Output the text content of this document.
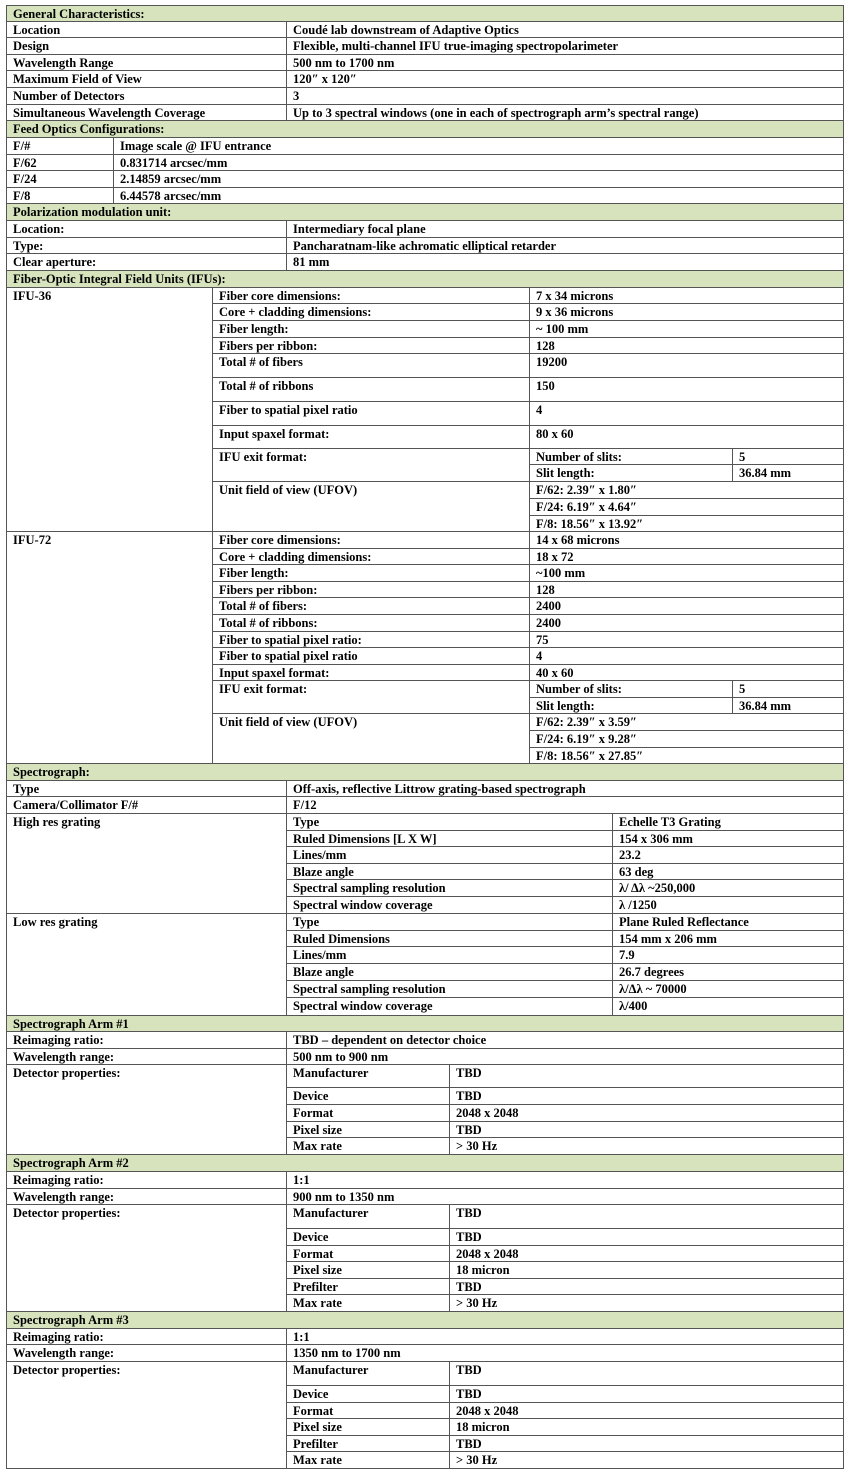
General Characteristics:
Location	Coudé lab downstream of Adaptive Optics
Design	Flexible, multi-channel IFU true-imaging spectropolarimeter
Wavelength Range	500 nm to 1700 nm
Maximum Field of View	120″ x 120″
Number of Detectors	3
Simultaneous Wavelength Coverage	Up to 3 spectral windows (one in each of spectrograph arm’s spectral range)
Feed Optics Configurations:
F/#	Image scale @ IFU entrance
F/62	0.831714 arcsec/mm
F/24	2.14859 arcsec/mm
F/8	6.44578 arcsec/mm
Polarization modulation unit:
Location:	Intermediary focal plane
Type:	Pancharatnam-like achromatic elliptical retarder
Clear aperture:	81 mm
Fiber-Optic Integral Field Units (IFUs):
IFU-36	Fiber core dimensions:	7 x 34 microns
Core + cladding dimensions:	9 x 36 microns
Fiber length:	~ 100 mm
Fibers per ribbon:	128
Total # of fibers	19200
Total # of ribbons	150
Fiber to spatial pixel ratio	4
Input spaxel format:	80 x 60
IFU exit format:	Number of slits:	5
Slit length:	36.84 mm
Unit field of view (UFOV)	F/62: 2.39″ x 1.80″
F/24: 6.19″ x 4.64″
F/8: 18.56″ x 13.92″
IFU-72	Fiber core dimensions:	14 x 68 microns
Core + cladding dimensions:	18 x 72
Fiber length:	~100 mm
Fibers per ribbon:	128
Total # of fibers:	2400
Total # of ribbons:	2400
Fiber to spatial pixel ratio:	75
Fiber to spatial pixel ratio	4
Input spaxel format:	40 x 60
IFU exit format:	Number of slits:	5
Slit length:	36.84 mm
Unit field of view (UFOV)	F/62: 2.39″ x 3.59″
F/24: 6.19″ x 9.28″
F/8: 18.56″ x 27.85″
Spectrograph:
Type	Off-axis, reflective Littrow grating-based spectrograph
Camera/Collimator F/#	F/12
High res grating	Type	Echelle T3 Grating
Ruled Dimensions [L X W]	154 x 306 mm
Lines/mm	23.2
Blaze angle	63 deg
Spectral sampling resolution	λ/ Δλ ~250,000
Spectral window coverage	λ /1250
Low res grating	Type	Plane Ruled Reflectance
Ruled Dimensions	154 mm x 206 mm
Lines/mm	7.9
Blaze angle	26.7 degrees
Spectral sampling resolution	λ/Δλ ~ 70000
Spectral window coverage	λ/400
Spectrograph Arm #1
Reimaging ratio:	TBD – dependent on detector choice
Wavelength range:	500 nm to 900 nm
Detector properties:	Manufacturer	TBD
Device	TBD
Format	2048 x 2048
Pixel size	TBD
Max rate	> 30 Hz
Spectrograph Arm #2
Reimaging ratio:	1:1
Wavelength range:	900 nm to 1350 nm
Detector properties:	Manufacturer	TBD
Device	TBD
Format	2048 x 2048
Pixel size	18 micron
Prefilter	TBD
Max rate	> 30 Hz
Spectrograph Arm #3
Reimaging ratio:	1:1
Wavelength range:	1350 nm to 1700 nm
Detector properties:	Manufacturer	TBD
Device	TBD
Format	2048 x 2048
Pixel size	18 micron
Prefilter	TBD
Max rate	> 30 Hz
